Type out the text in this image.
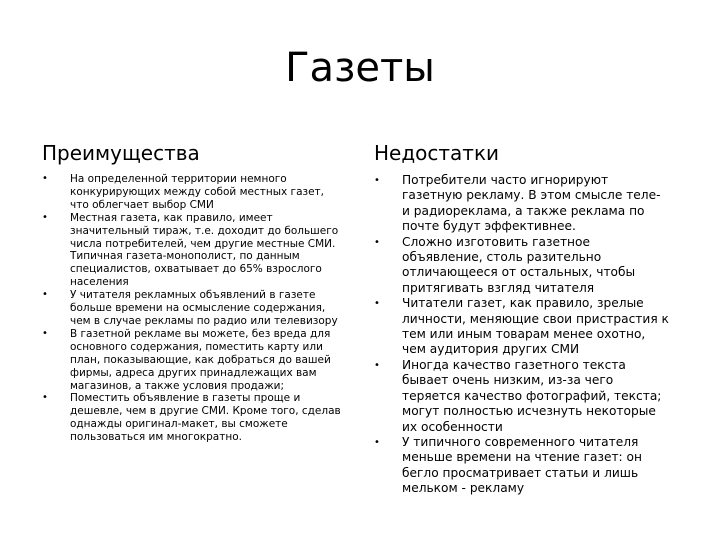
Газеты
Преимущества
• На определенной территории немного конкурирующих между собой местных газет, что облегчает выбор СМИ
• Местная газета, как правило, имеет значительный тираж, т.е. доходит до большего числа потребителей, чем другие местные СМИ. Типичная газета-монополист, по данным специалистов, охватывает до 65% взрослого населения
• У читателя рекламных объявлений в газете больше времени на осмысление содержания, чем в случае рекламы по радио или телевизору
• В газетной рекламе вы можете, без вреда для основного содержания, поместить карту или план, показывающие, как добраться до вашей фирмы, адреса других принадлежащих вам магазинов, а также условия продажи;
• Поместить объявление в газеты проще и дешевле, чем в другие СМИ. Кроме того, сделав однажды оригинал-макет, вы сможете пользоваться им многократно.
Недостатки
• Потребители часто игнорируют газетную рекламу. В этом смысле теле- и радиореклама, а также реклама по почте будут эффективнее.
• Сложно изготовить газетное объявление, столь разительно отличающееся от остальных, чтобы притягивать взгляд читателя
• Читатели газет, как правило, зрелые личности, меняющие свои пристрастия к тем или иным товарам менее охотно, чем аудитория других СМИ
• Иногда качество газетного текста бывает очень низким, из-за чего теряется качество фотографий, текста; могут полностью исчезнуть некоторые их особенности
• У типичного современного читателя меньше времени на чтение газет: он бегло просматривает статьи и лишь мельком - рекламу
